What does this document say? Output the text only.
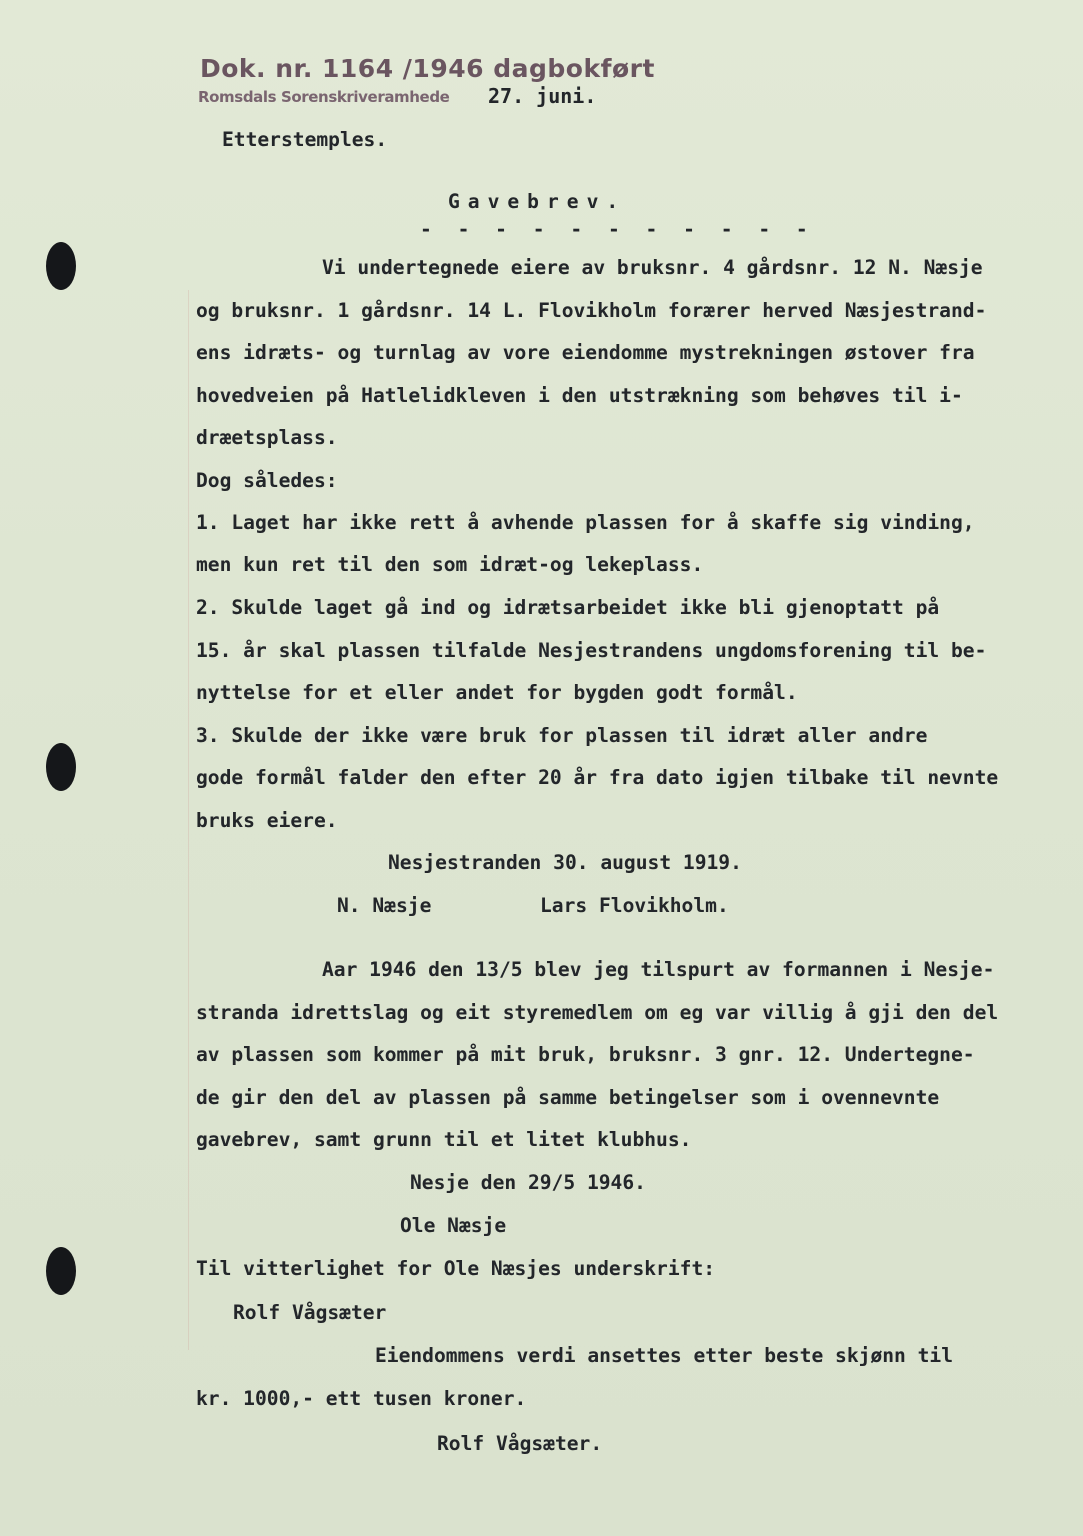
Dok. nr. 1164 /1946 dagbokført
Romsdals Sorenskriveramhede 27. juni.
Etterstemples.
Gavebrev.
- - - - - - - - - - -
Vi undertegnede eiere av bruksnr. 4 gårdsnr. 12 N. Næsje
og bruksnr. 1 gårdsnr. 14 L. Flovikholm forærer herved Næsjestrand-
ens idræts- og turnlag av vore eiendomme mystrekningen østover fra
hovedveien på Hatlelidkleven i den utstrækning som behøves til i-
dræetsplass.
Dog således:
1. Laget har ikke rett å avhende plassen for å skaffe sig vinding,
men kun ret til den som idræt-og lekeplass.
2. Skulde laget gå ind og idrætsarbeidet ikke bli gjenoptatt på
15. år skal plassen tilfalde Nesjestrandens ungdomsforening til be-
nyttelse for et eller andet for bygden godt formål.
3. Skulde der ikke være bruk for plassen til idræt aller andre
gode formål falder den efter 20 år fra dato igjen tilbake til nevnte
bruks eiere.
Nesjestranden 30. august 1919.
N. Næsje	Lars Flovikholm.
Aar 1946 den 13/5 blev jeg tilspurt av formannen i Nesje-
stranda idrettslag og eit styremedlem om eg var villig å gji den del
av plassen som kommer på mit bruk, bruksnr. 3 gnr. 12. Undertegne-
de gir den del av plassen på samme betingelser som i ovennevnte
gavebrev, samt grunn til et litet klubhus.
Nesje den 29/5 1946.
Ole Næsje
Til vitterlighet for Ole Næsjes underskrift:
Rolf Vågsæter
Eiendommens verdi ansettes etter beste skjønn til
kr. 1000,- ett tusen kroner.
Rolf Vågsæter.
